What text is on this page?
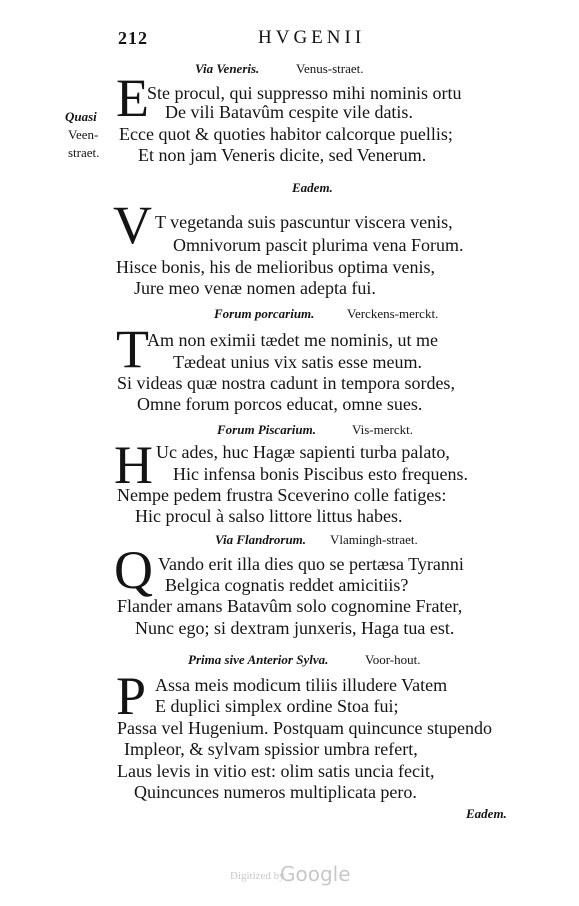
212	HVGENII
Via Veneris.	Venus-straet.
E
Ste procul, qui suppresso mihi nominis ortu
De vili Batavûm cespite vile datis.
Ecce quot & quoties habitor calcorque puellis;
Et non jam Veneris dicite, sed Venerum.
Quasi
Veen-
straet.
Eadem.
V T vegetanda suis pascuntur viscera venis,
Omnivorum pascit plurima vena Forum.
Hisce bonis, his de melioribus optima venis,
Jure meo venæ nomen adepta fui.
Forum porcarium.	Verckens-merckt.
T
Am non eximii tædet me nominis, ut me
Tædeat unius vix satis esse meum.
Si videas quæ nostra cadunt in tempora sordes,
Omne forum porcos educat, omne sues.
Forum Piscarium.	Vis-merckt.
H Uc ades, huc Hagæ sapienti turba palato,
Hic infensa bonis Piscibus esto frequens.
Nempe pedem frustra Sceverino colle fatiges:
Hic procul à salso littore littus habes.
Via Flandrorum. Vlamingh-straet.
Q Vando erit illa dies quo se pertæsa Tyranni
Belgica cognatis reddet amicitiis?
Flander amans Batavûm solo cognomine Frater,
Nunc ego; si dextram junxeris, Haga tua est.
Prima sive Anterior Sylva.	Voor-hout.
P Assa meis modicum tiliis illudere Vatem
E duplici simplex ordine Stoa fui;
Passa vel Hugenium. Postquam quincunce stupendo
Impleor, & sylvam spissior umbra refert,
Laus levis in vitio est: olim satis uncia fecit,
Quincunces numeros multiplicata pero.
Eadem.
Digitized by
Google
